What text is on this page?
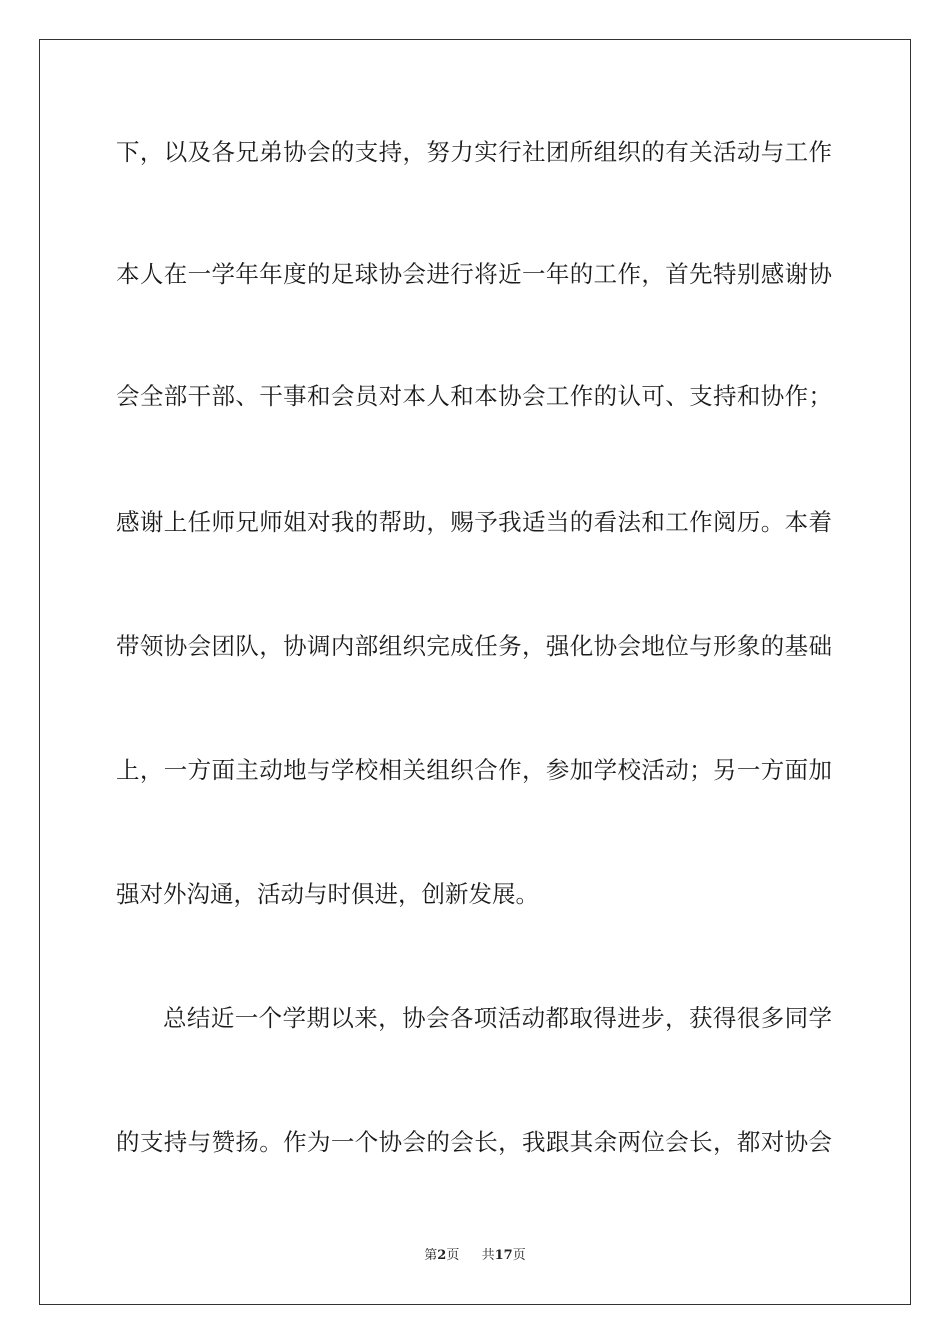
下，以及各兄弟协会的支持，努力实行社团所组织的有关活动与工作
本人在一学年年度的足球协会进行将近一年的工作，首先特别感谢协
会全部干部、干事和会员对本人和本协会工作的认可、支持和协作；
感谢上任师兄师姐对我的帮助，赐予我适当的看法和工作阅历。本着
带领协会团队，协调内部组织完成任务，强化协会地位与形象的基础
上，一方面主动地与学校相关组织合作，参加学校活动；另一方面加
强对外沟通，活动与时俱进，创新发展。
总结近一个学期以来，协会各项活动都取得进步，获得很多同学
的支持与赞扬。作为一个协会的会长，我跟其余两位会长，都对协会
第2页 共17页
